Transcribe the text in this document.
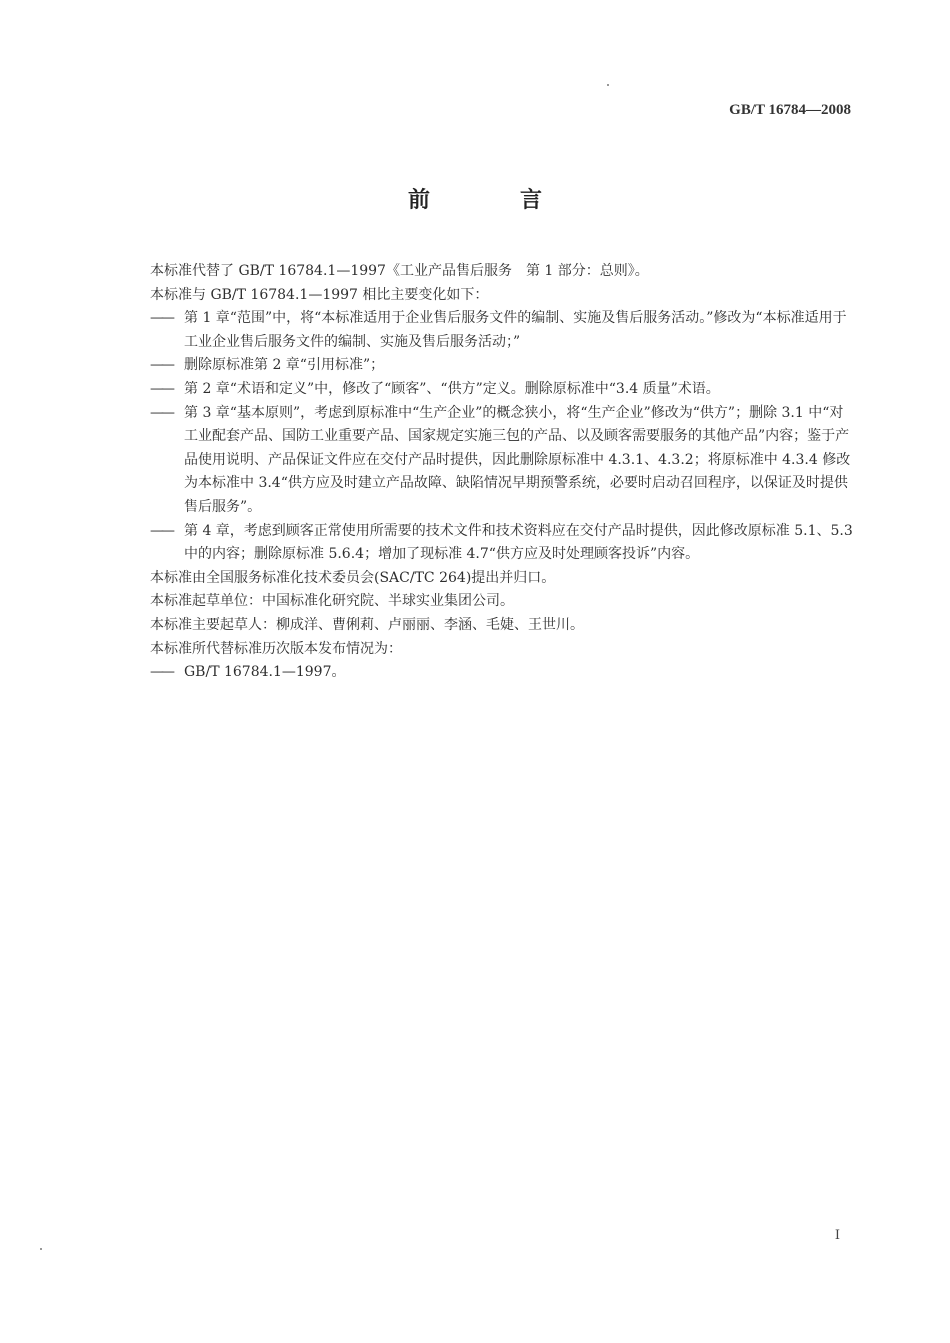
GB/T 16784—2008
前　言

本标准代替了 GB/T 16784.1—1997《工业产品售后服务　第 1 部分：总则》。

本标准与 GB/T 16784.1—1997 相比主要变化如下：

—— 第 1 章“范围”中，将“本标准适用于企业售后服务文件的编制、实施及售后服务活动。”修改为“本标准适用于工业企业售后服务文件的编制、实施及售后服务活动；”
—— 删除原标准第 2 章“引用标准”；
—— 第 2 章“术语和定义”中，修改了“顾客”、“供方”定义。删除原标准中“3.4 质量”术语。
—— 第 3 章“基本原则”，考虑到原标准中“生产企业”的概念狭小，将“生产企业”修改为“供方”；删除 3.1 中“对工业配套产品、国防工业重要产品、国家规定实施三包的产品、以及顾客需要服务的其他产品”内容；鉴于产品使用说明、产品保证文件应在交付产品时提供，因此删除原标准中 4.3.1、4.3.2；将原标准中 4.3.4 修改为本标准中 3.4“供方应及时建立产品故障、缺陷情况早期预警系统，必要时启动召回程序，以保证及时提供售后服务”。
—— 第 4 章，考虑到顾客正常使用所需要的技术文件和技术资料应在交付产品时提供，因此修改原标准 5.1、5.3 中的内容；删除原标准 5.6.4；增加了现标准 4.7“供方应及时处理顾客投诉”内容。

本标准由全国服务标准化技术委员会(SAC/TC 264)提出并归口。

本标准起草单位：中国标准化研究院、半球实业集团公司。

本标准主要起草人：柳成洋、曹俐莉、卢丽丽、李涵、毛婕、王世川。

本标准所代替标准历次版本发布情况为：

—— GB/T 16784.1—1997。
I
